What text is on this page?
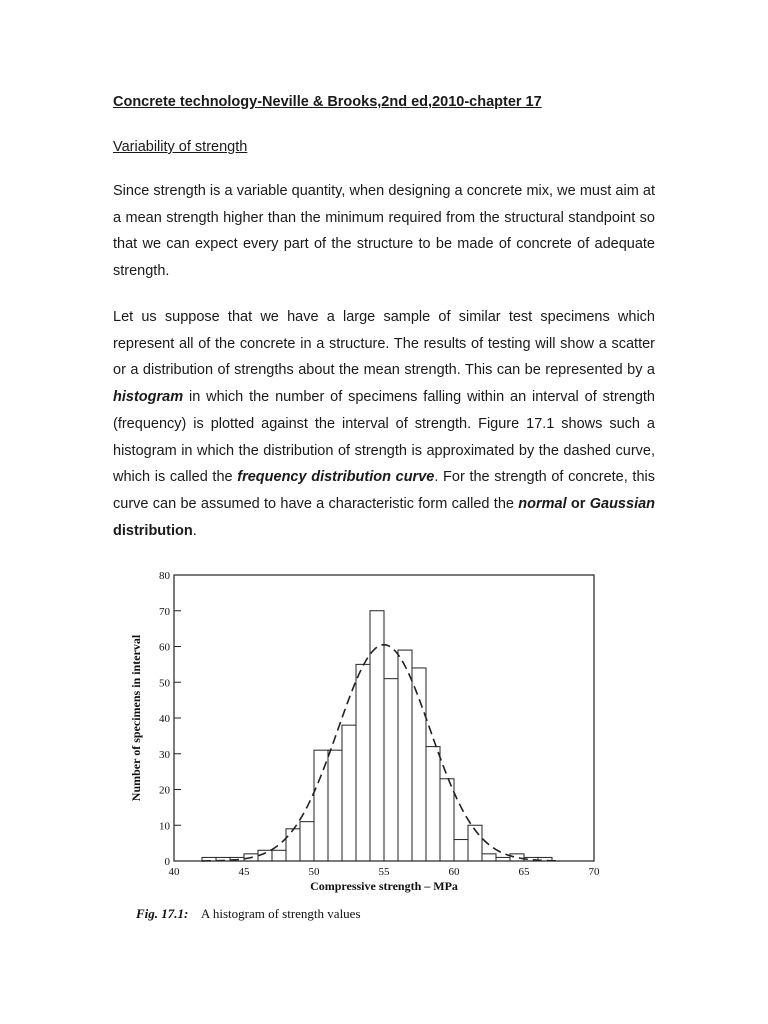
Concrete technology-Neville & Brooks,2nd ed,2010-chapter 17
Variability of strength

Since strength is a variable quantity, when designing a concrete mix, we must aim at a mean strength higher than the minimum required from the structural standpoint so that we can expect every part of the structure to be made of concrete of adequate strength.

Let us suppose that we have a large sample of similar test specimens which represent all of the concrete in a structure. The results of testing will show a scatter or a distribution of strengths about the mean strength. This can be represented by a histogram in which the number of specimens falling within an interval of strength (frequency) is plotted against the interval of strength. Figure 17.1 shows such a histogram in which the distribution of strength is approximated by the dashed curve, which is called the frequency distribution curve. For the strength of concrete, this curve can be assumed to have a characteristic form called the normal or Gaussian distribution.

0
10
20
30
40
50
60
70
80
40	45	50	55	60	65	70
Compressive strength – MPa
Number of specimens in interval
Fig. 17.1: A histogram of strength values
